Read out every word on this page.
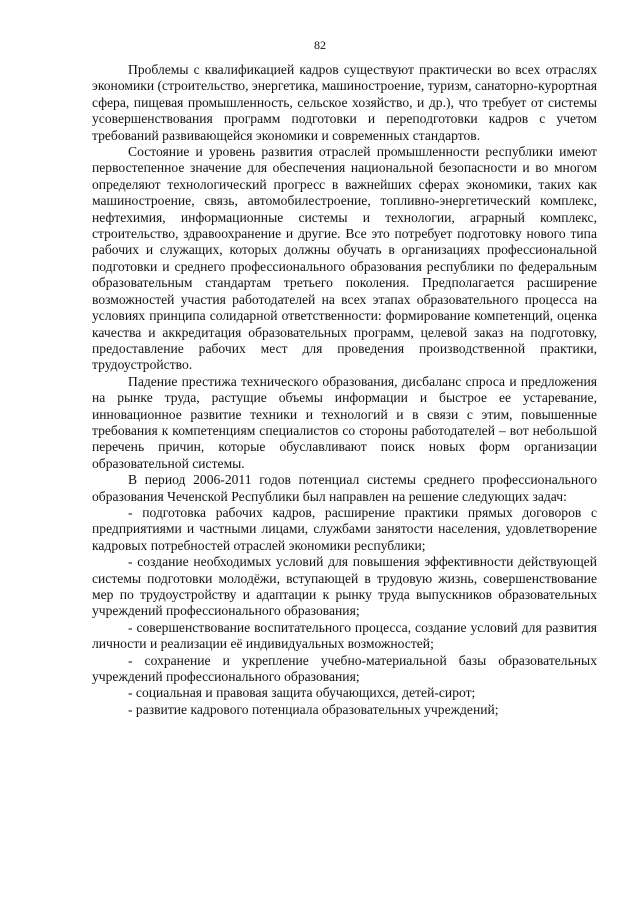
82

Проблемы с квалификацией кадров существуют практически во всех отраслях экономики (строительство, энергетика, машиностроение, туризм, санаторно-курортная сфера, пищевая промышленность, сельское хозяйство, и др.), что требует от системы усовершенствования программ подготовки и переподготовки кадров с учетом требований развивающейся экономики и современных стандартов.

Состояние и уровень развития отраслей промышленности республики имеют первостепенное значение для обеспечения национальной безопасности и во многом определяют технологический прогресс в важнейших сферах экономики, таких как машиностроение, связь, автомобилестроение, топливно-энергетический комплекс, нефтехимия, информационные системы и технологии, аграрный комплекс, строительство, здравоохранение и другие. Все это потребует подготовку нового типа рабочих и служащих, которых должны обучать в организациях профессиональной подготовки и среднего профессионального образования республики по федеральным образовательным стандартам третьего поколения. Предполагается расширение возможностей участия работодателей на всех этапах образовательного процесса на условиях принципа солидарной ответственности: формирование компетенций, оценка качества и аккредитация образовательных программ, целевой заказ на подготовку, предоставление рабочих мест для проведения производственной практики, трудоустройство.

Падение престижа технического образования, дисбаланс спроса и предложения на рынке труда, растущие объемы информации и быстрое ее устаревание, инновационное развитие техники и технологий и в связи с этим, повышенные требования к компетенциям специалистов со стороны работодателей – вот небольшой перечень причин, которые обуславливают поиск новых форм организации образовательной системы.

В период 2006-2011 годов потенциал системы среднего профессионального образования Чеченской Республики был направлен на решение следующих задач:

- подготовка рабочих кадров, расширение практики прямых договоров с предприятиями и частными лицами, службами занятости населения, удовлетворение кадровых потребностей отраслей экономики республики;

- создание необходимых условий для повышения эффективности действующей системы подготовки молодёжи, вступающей в трудовую жизнь, совершенствование мер по трудоустройству и адаптации к рынку труда выпускников образовательных учреждений профессионального образования;

- совершенствование воспитательного процесса, создание условий для развития личности и реализации её индивидуальных возможностей;

- сохранение и укрепление учебно-материальной базы образовательных учреждений профессионального образования;

- социальная и правовая защита обучающихся, детей-сирот;

- развитие кадрового потенциала образовательных учреждений;
